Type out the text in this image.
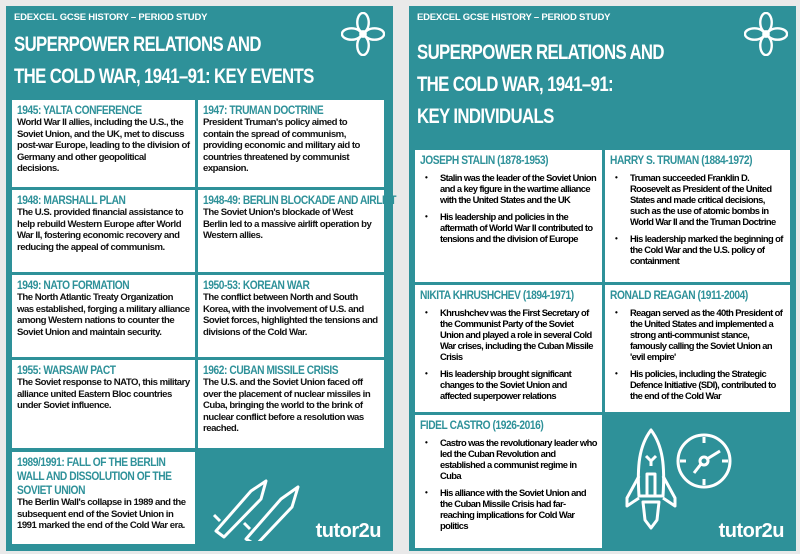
EDEXCEL GCSE HISTORY – PERIOD STUDY
SUPERPOWER RELATIONS AND
THE COLD WAR, 1941–91: KEY EVENTS
1945: YALTA CONFERENCE

World War II allies, including the U.S., the Soviet Union, and the UK, met to discuss post-war Europe, leading to the division of Germany and other geopolitical decisions.

1947: TRUMAN DOCTRINE

President Truman's policy aimed to contain the spread of communism, providing economic and military aid to countries threatened by communist expansion.

1948: MARSHALL PLAN

The U.S. provided financial assistance to help rebuild Western Europe after World War II, fostering economic recovery and reducing the appeal of communism.

1948-49: BERLIN BLOCKADE AND AIRLIFT

The Soviet Union's blockade of West Berlin led to a massive airlift operation by Western allies.

1949: NATO FORMATION

The North Atlantic Treaty Organization was established, forging a military alliance among Western nations to counter the Soviet Union and maintain security.

1950-53: KOREAN WAR

The conflict between North and South Korea, with the involvement of U.S. and Soviet forces, highlighted the tensions and divisions of the Cold War.

1955: WARSAW PACT

The Soviet response to NATO, this military alliance united Eastern Bloc countries under Soviet influence.

1962: CUBAN MISSILE CRISIS

The U.S. and the Soviet Union faced off over the placement of nuclear missiles in Cuba, bringing the world to the brink of nuclear conflict before a resolution was reached.

1989/1991: FALL OF THE BERLIN WALL AND DISSOLUTION OF THE SOVIET UNION

The Berlin Wall's collapse in 1989 and the subsequent end of the Soviet Union in 1991 marked the end of the Cold War era.	tutor2u
EDEXCEL GCSE HISTORY – PERIOD STUDY
SUPERPOWER RELATIONS AND
THE COLD WAR, 1941–91:
KEY INDIVIDUALS
JOSEPH STALIN (1878-1953)
• Stalin was the leader of the Soviet Union and a key figure in the wartime alliance with the United States and the UK
• His leadership and policies in the aftermath of World War II contributed to tensions and the division of Europe
HARRY S. TRUMAN (1884-1972)
• Truman succeeded Franklin D. Roosevelt as President of the United States and made critical decisions, such as the use of atomic bombs in World War II and the Truman Doctrine
• His leadership marked the beginning of the Cold War and the U.S. policy of containment
NIKITA KHRUSHCHEV (1894-1971)
• Khrushchev was the First Secretary of the Communist Party of the Soviet Union and played a role in several Cold War crises, including the Cuban Missile Crisis
• His leadership brought significant changes to the Soviet Union and affected superpower relations
RONALD REAGAN (1911-2004)
• Reagan served as the 40th President of the United States and implemented a strong anti-communist stance, famously calling the Soviet Union an 'evil empire'
• His policies, including the Strategic Defence Initiative (SDI), contributed to the end of the Cold War
FIDEL CASTRO (1926-2016)
• Castro was the revolutionary leader who led the Cuban Revolution and established a communist regime in Cuba
• His alliance with the Soviet Union and the Cuban Missile Crisis had far-reaching implications for Cold War politics	tutor2u
